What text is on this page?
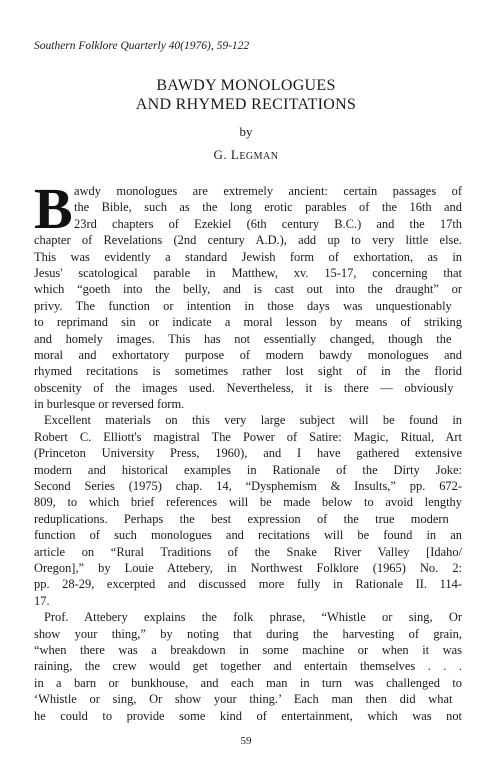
Southern Folklore Quarterly 40(1976), 59-122
BAWDY MONOLOGUES
AND RHYMED RECITATIONS
by
G. LEGMAN
B awdy monologues are extremely ancient: certain passages of
the Bible, such as the long erotic parables of the 16th and
23rd chapters of Ezekiel (6th century B.C.) and the 17th
chapter of Revelations (2nd century A.D.), add up to very little else.
This was evidently a standard Jewish form of exhortation, as in
Jesus' scatological parable in Matthew, xv. 15-17, concerning that
which “goeth into the belly, and is cast out into the draught” or
privy. The function or intention in those days was unquestionably
to reprimand sin or indicate a moral lesson by means of striking
and homely images. This has not essentially changed, though the
moral and exhortatory purpose of modern bawdy monologues and
rhymed recitations is sometimes rather lost sight of in the florid
obscenity of the images used. Nevertheless, it is there — obviously
in burlesque or reversed form.
Excellent materials on this very large subject will be found in
Robert C. Elliott's magistral The Power of Satire: Magic, Ritual, Art
(Princeton University Press, 1960), and I have gathered extensive
modern and historical examples in Rationale of the Dirty Joke:
Second Series (1975) chap. 14, “Dysphemism & Insults,” pp. 672-
809, to which brief references will be made below to avoid lengthy
reduplications. Perhaps the best expression of the true modern
function of such monologues and recitations will be found in an
article on “Rural Traditions of the Snake River Valley [Idaho/
Oregon],” by Louie Attebery, in Northwest Folklore (1965) No. 2:
pp. 28-29, excerpted and discussed more fully in Rationale II. 114-
17.
Prof. Attebery explains the folk phrase, “Whistle or sing, Or
show your thing,” by noting that during the harvesting of grain,
“when there was a breakdown in some machine or when it was
raining, the crew would get together and entertain themselves . . .
in a barn or bunkhouse, and each man in turn was challenged to
‘Whistle or sing, Or show your thing.’ Each man then did what
he could to provide some kind of entertainment, which was not
59
